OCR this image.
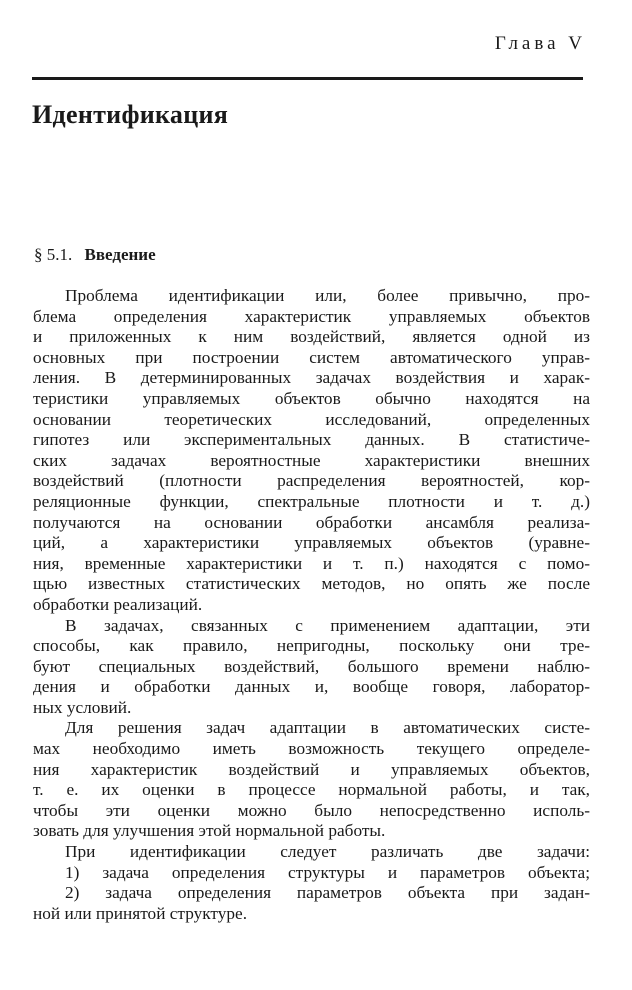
Глава V
Идентификация
§ 5.1. Введение
Проблема идентификации или, более привычно, про-
блема определения характеристик управляемых объектов
и приложенных к ним воздействий, является одной из
основных при построении систем автоматического управ-
ления. В детерминированных задачах воздействия и харак-
теристики управляемых объектов обычно находятся на
основании теоретических исследований, определенных
гипотез или экспериментальных данных. В статистиче-
ских задачах вероятностные характеристики внешних
воздействий (плотности распределения вероятностей, кор-
реляционные функции, спектральные плотности и т. д.)
получаются на основании обработки ансамбля реализа-
ций, а характеристики управляемых объектов (уравне-
ния, временные характеристики и т. п.) находятся с помо-
щью известных статистических методов, но опять же после
обработки реализаций.
В задачах, связанных с применением адаптации, эти
способы, как правило, непригодны, поскольку они тре-
буют специальных воздействий, большого времени наблю-
дения и обработки данных и, вообще говоря, лаборатор-
ных условий.
Для решения задач адаптации в автоматических систе-
мах необходимо иметь возможность текущего определе-
ния характеристик воздействий и управляемых объектов,
т. е. их оценки в процессе нормальной работы, и так,
чтобы эти оценки можно было непосредственно исполь-
зовать для улучшения этой нормальной работы.
При идентификации следует различать две задачи:
1) задача определения структуры и параметров объекта;
2) задача определения параметров объекта при задан-
ной или принятой структуре.
